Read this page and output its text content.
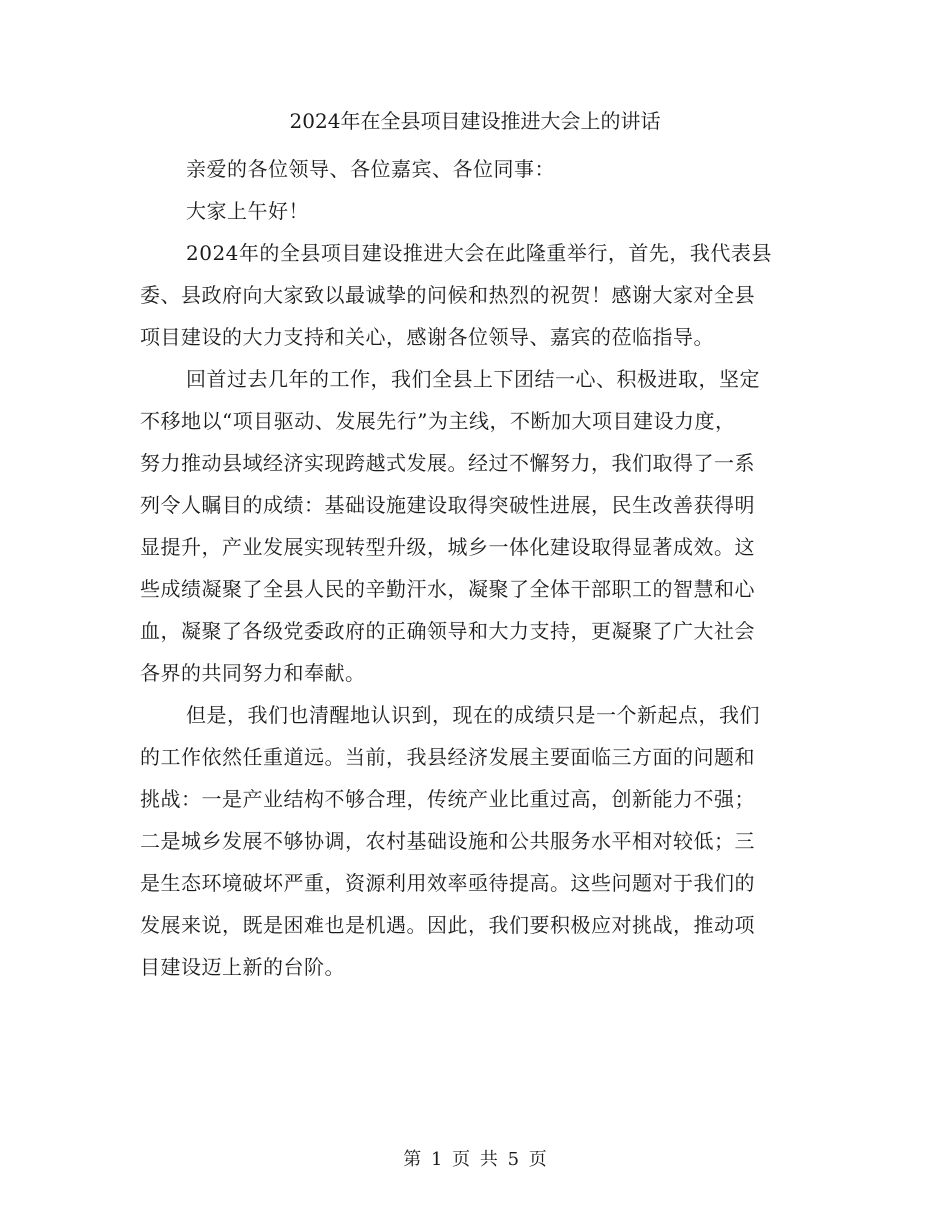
2024年在全县项目建设推进大会上的讲话

亲爱的各位领导、各位嘉宾、各位同事：

大家上午好！

2024年的全县项目建设推进大会在此隆重举行，首先，我代表县
委、县政府向大家致以最诚挚的问候和热烈的祝贺！感谢大家对全县
项目建设的大力支持和关心，感谢各位领导、嘉宾的莅临指导。

回首过去几年的工作，我们全县上下团结一心、积极进取，坚定
不移地以“项目驱动、发展先行”为主线，不断加大项目建设力度，
努力推动县域经济实现跨越式发展。经过不懈努力，我们取得了一系
列令人瞩目的成绩：基础设施建设取得突破性进展，民生改善获得明
显提升，产业发展实现转型升级，城乡一体化建设取得显著成效。这
些成绩凝聚了全县人民的辛勤汗水，凝聚了全体干部职工的智慧和心
血，凝聚了各级党委政府的正确领导和大力支持，更凝聚了广大社会
各界的共同努力和奉献。

但是，我们也清醒地认识到，现在的成绩只是一个新起点，我们
的工作依然任重道远。当前，我县经济发展主要面临三方面的问题和
挑战：一是产业结构不够合理，传统产业比重过高，创新能力不强；
二是城乡发展不够协调，农村基础设施和公共服务水平相对较低；三
是生态环境破坏严重，资源利用效率亟待提高。这些问题对于我们的
发展来说，既是困难也是机遇。因此，我们要积极应对挑战，推动项
目建设迈上新的台阶。

第 1 页 共 5 页
